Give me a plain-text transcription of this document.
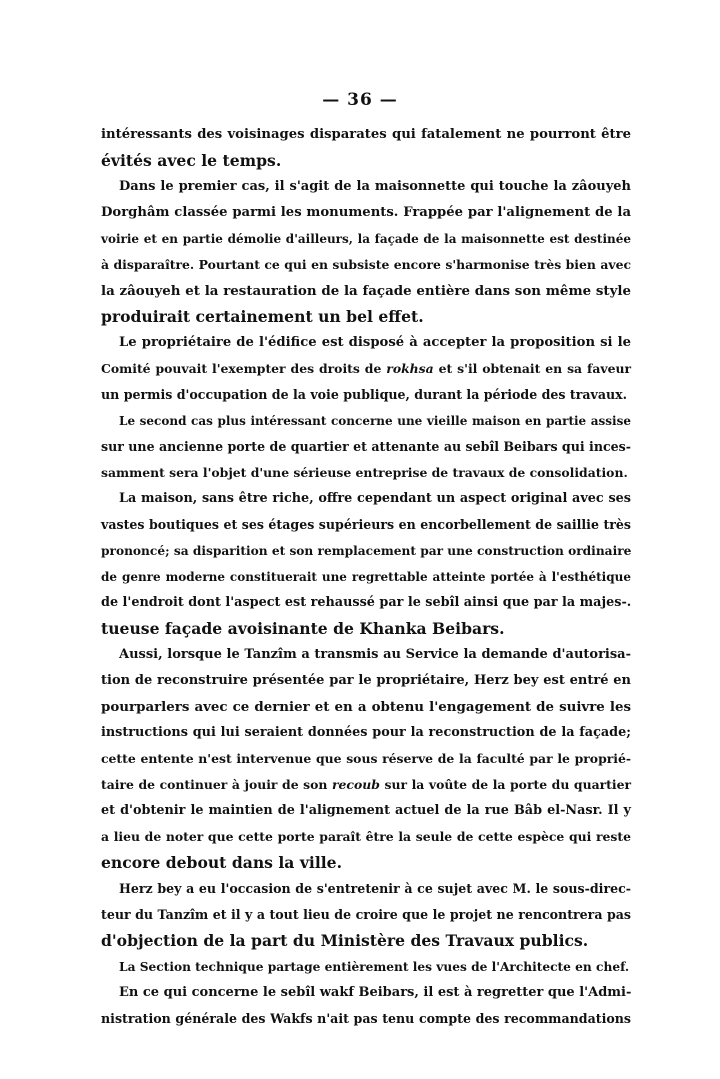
— 36 —
intéressants des voisinages disparates qui fatalement ne pourront être
évités avec le temps.
Dans le premier cas, il s'agit de la maisonnette qui touche la zâouyeh
Dorghâm classée parmi les monuments. Frappée par l'alignement de la
voirie et en partie démolie d'ailleurs, la façade de la maisonnette est destinée
à disparaître. Pourtant ce qui en subsiste encore s'harmonise très bien avec
la zâouyeh et la restauration de la façade entière dans son même style
produirait certainement un bel effet.
Le propriétaire de l'édifice est disposé à accepter la proposition si le
Comité pouvait l'exempter des droits de rokhsa et s'il obtenait en sa faveur
un permis d'occupation de la voie publique, durant la période des travaux.
Le second cas plus intéressant concerne une vieille maison en partie assise
sur une ancienne porte de quartier et attenante au sebîl Beibars qui inces-
samment sera l'objet d'une sérieuse entreprise de travaux de consolidation.
La maison, sans être riche, offre cependant un aspect original avec ses
vastes boutiques et ses étages supérieurs en encorbellement de saillie très
prononcé; sa disparition et son remplacement par une construction ordinaire
de genre moderne constituerait une regrettable atteinte portée à l'esthétique
de l'endroit dont l'aspect est rehaussé par le sebîl ainsi que par la majes-.
tueuse façade avoisinante de Khanka Beibars.
Aussi, lorsque le Tanzîm a transmis au Service la demande d'autorisa-
tion de reconstruire présentée par le propriétaire, Herz bey est entré en
pourparlers avec ce dernier et en a obtenu l'engagement de suivre les
instructions qui lui seraient données pour la reconstruction de la façade;
cette entente n'est intervenue que sous réserve de la faculté par le proprié-
taire de continuer à jouir de son recoub sur la voûte de la porte du quartier
et d'obtenir le maintien de l'alignement actuel de la rue Bâb el-Nasr. Il y
a lieu de noter que cette porte paraît être la seule de cette espèce qui reste
encore debout dans la ville.
Herz bey a eu l'occasion de s'entretenir à ce sujet avec M. le sous-direc-
teur du Tanzîm et il y a tout lieu de croire que le projet ne rencontrera pas
d'objection de la part du Ministère des Travaux publics.
La Section technique partage entièrement les vues de l'Architecte en chef.
En ce qui concerne le sebîl wakf Beibars, il est à regretter que l'Admi-
nistration générale des Wakfs n'ait pas tenu compte des recommandations
